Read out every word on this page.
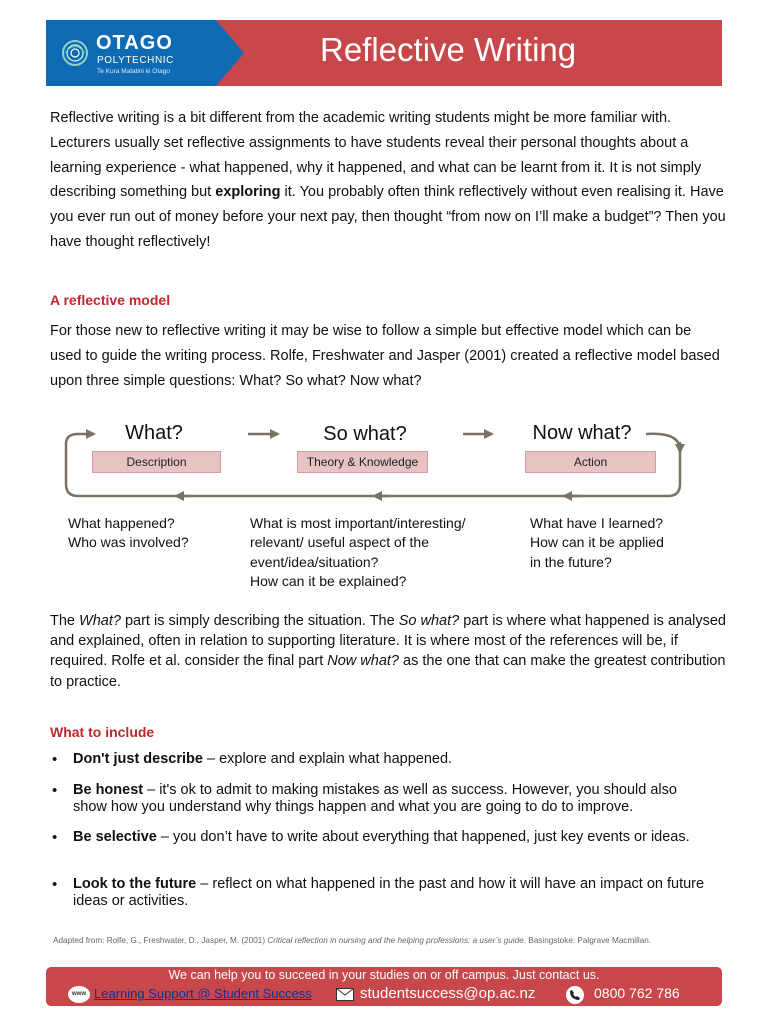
OTAGO
POLYTECHNIC
Te Kura Matatini ki Otago
Reflective Writing

Reflective writing is a bit different from the academic writing students might be more familiar with. Lecturers usually set reflective assignments to have students reveal their personal thoughts about a learning experience - what happened, why it happened, and what can be learnt from it. It is not simply describing something but exploring it. You probably often think reflectively without even realising it. Have you ever run out of money before your next pay, then thought “from now on I’ll make a budget”? Then you have thought reflectively!

A reflective model

For those new to reflective writing it may be wise to follow a simple but effective model which can be used to guide the writing process. Rolfe, Freshwater and Jasper (2001) created a reflective model based upon three simple questions: What? So what? Now what?

What?
Description
So what?
Theory & Knowledge
Now what?
Action
What happened?
Who was involved?
What is most important/interesting/
relevant/ useful aspect of the
event/idea/situation?
How can it be explained?
What have I learned?
How can it be applied
in the future?

The What? part is simply describing the situation. The So what? part is where what happened is analysed and explained, often in relation to supporting literature. It is where most of the references will be, if required. Rolfe et al. consider the final part Now what? as the one that can make the greatest contribution to practice.

What to include
• Don't just describe – explore and explain what happened.
• Be honest – it's ok to admit to making mistakes as well as success. However, you should also show how you understand why things happen and what you are going to do to improve.
• Be selective – you don’t have to write about everything that happened, just key events or ideas.
• Look to the future – reflect on what happened in the past and how it will have an impact on future ideas or activities.
Adapted from: Rolfe, G., Freshwater, D., Jasper, M. (2001) Critical reflection in nursing and the helping professions: a user’s guide. Basingstoke: Palgrave Macmillan.
We can help you to succeed in your studies on or off campus. Just contact us.
www Learning Support @ Student Success	studentsuccess@op.ac.nz	0800 762 786
